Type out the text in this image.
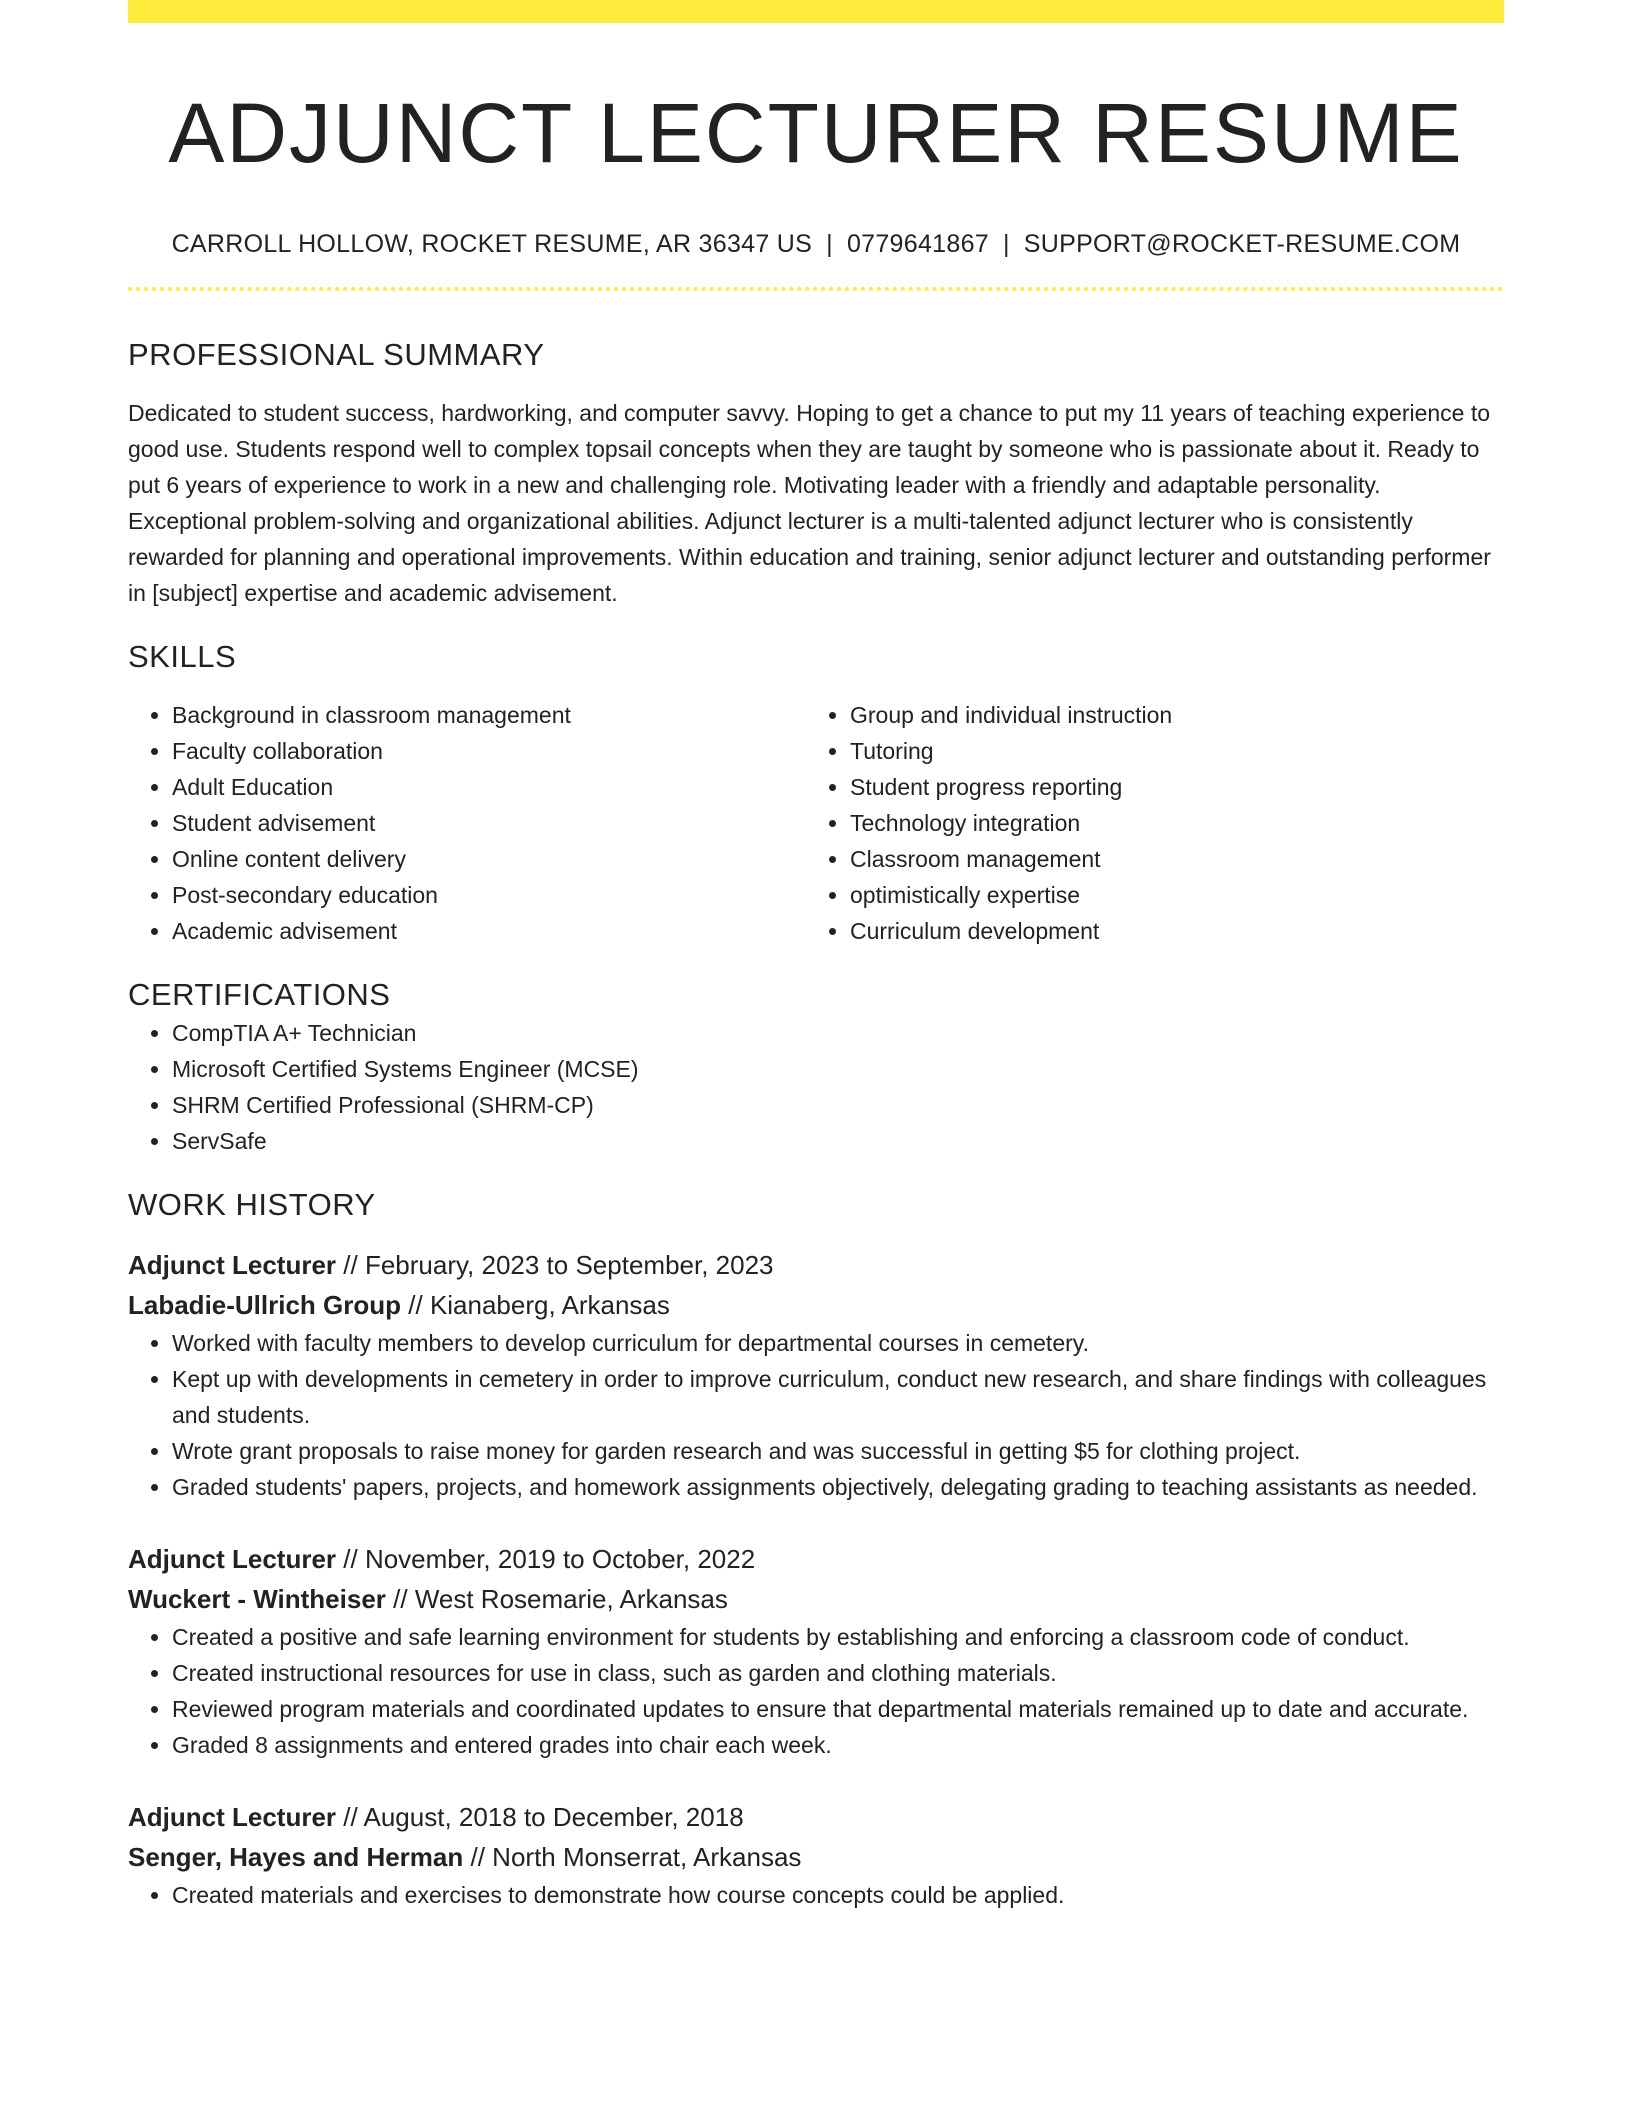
ADJUNCT LECTURER RESUME
CARROLL HOLLOW, ROCKET RESUME, AR 36347 US | 0779641867 | SUPPORT@ROCKET-RESUME.COM
PROFESSIONAL SUMMARY

Dedicated to student success, hardworking, and computer savvy. Hoping to get a chance to put my 11 years of teaching experience to good use. Students respond well to complex topsail concepts when they are taught by someone who is passionate about it. Ready to put 6 years of experience to work in a new and challenging role. Motivating leader with a friendly and adaptable personality. Exceptional problem-solving and organizational abilities. Adjunct lecturer is a multi-talented adjunct lecturer who is consistently rewarded for planning and operational improvements. Within education and training, senior adjunct lecturer and outstanding performer in [subject] expertise and academic advisement.

SKILLS
• Background in classroom management
• Faculty collaboration
• Adult Education
• Student advisement
• Online content delivery
• Post-secondary education
• Academic advisement
• Group and individual instruction
• Tutoring
• Student progress reporting
• Technology integration
• Classroom management
• optimistically expertise
• Curriculum development
CERTIFICATIONS
• CompTIA A+ Technician
• Microsoft Certified Systems Engineer (MCSE)
• SHRM Certified Professional (SHRM-CP)
• ServSafe
WORK HISTORY
Adjunct Lecturer // February, 2023 to September, 2023
Labadie-Ullrich Group // Kianaberg, Arkansas
• Worked with faculty members to develop curriculum for departmental courses in cemetery.
• Kept up with developments in cemetery in order to improve curriculum, conduct new research, and share findings with colleagues and students.
• Wrote grant proposals to raise money for garden research and was successful in getting $5 for clothing project.
• Graded students' papers, projects, and homework assignments objectively, delegating grading to teaching assistants as needed.
Adjunct Lecturer // November, 2019 to October, 2022
Wuckert - Wintheiser // West Rosemarie, Arkansas
• Created a positive and safe learning environment for students by establishing and enforcing a classroom code of conduct.
• Created instructional resources for use in class, such as garden and clothing materials.
• Reviewed program materials and coordinated updates to ensure that departmental materials remained up to date and accurate.
• Graded 8 assignments and entered grades into chair each week.
Adjunct Lecturer // August, 2018 to December, 2018
Senger, Hayes and Herman // North Monserrat, Arkansas
• Created materials and exercises to demonstrate how course concepts could be applied.
